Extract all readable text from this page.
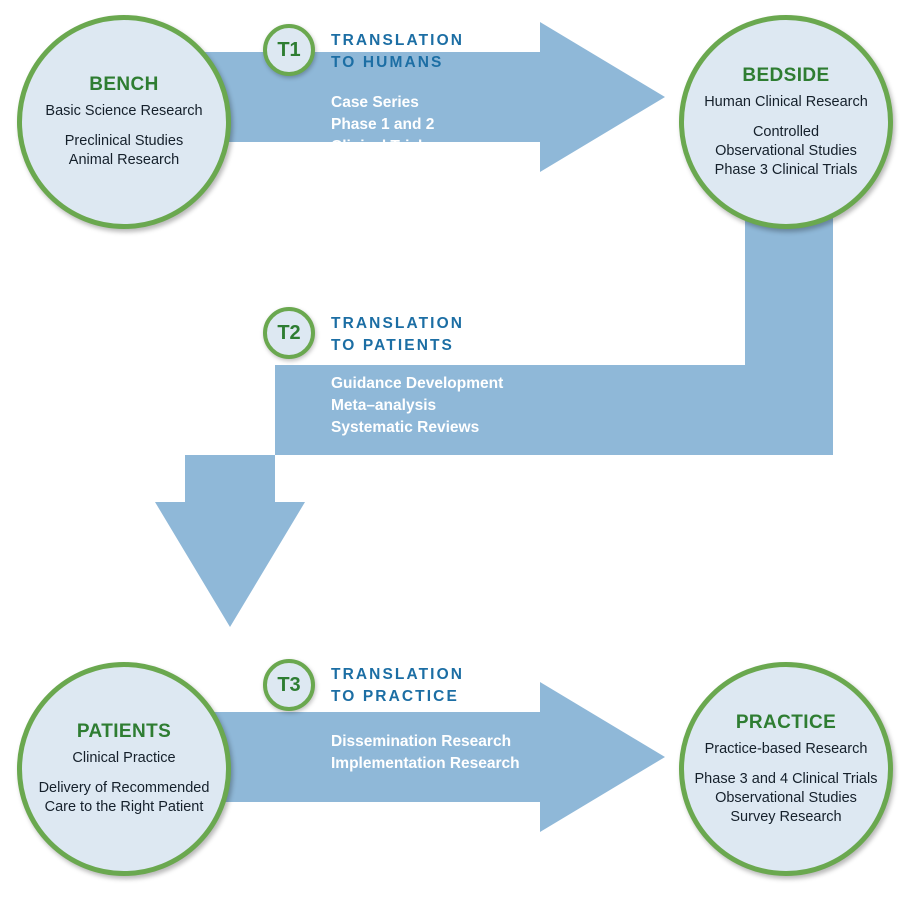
BENCH
Basic Science Research
Preclinical Studies
Animal Research
BEDSIDE
Human Clinical Research
Controlled
Observational Studies
Phase 3 Clinical Trials
PATIENTS
Clinical Practice
Delivery of Recommended
Care to the Right Patient
PRACTICE
Practice-based Research
Phase 3 and 4 Clinical Trials
Observational Studies
Survey Research
T1	TRANSLATION
TO HUMANS
Case Series
Phase 1 and 2
Clinical Trial
T2	TRANSLATION
TO PATIENTS
Guidance Development
Meta–analysis
Systematic Reviews
T3	TRANSLATION
TO PRACTICE
Dissemination Research
Implementation Research
